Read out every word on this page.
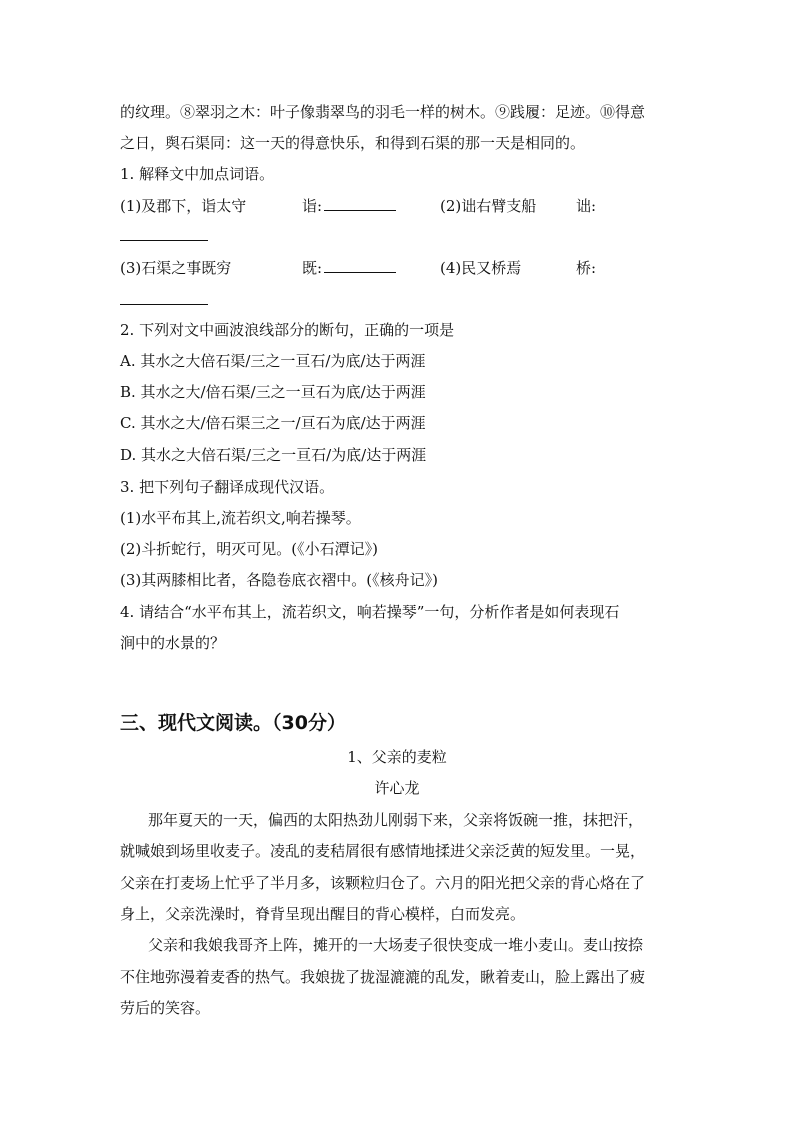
的纹理。⑧翠羽之木：叶子像翡翠鸟的羽毛一样的树木。⑨践履：足迹。⑩得意
之日，舆石渠同：这一天的得意快乐，和得到石渠的那一天是相同的。
1. 解释文中加点词语。
(1)及郡下，诣太守	诣:	(2)诎右臂支船	诎:
(3)石渠之事既穷	既:	(4)民又桥焉	桥:
2. 下列对文中画波浪线部分的断句，正确的一项是
A. 其水之大倍石渠/三之一亘石/为底/达于两涯
B. 其水之大/倍石渠/三之一亘石为底/达于两涯
C. 其水之大/倍石渠三之一/亘石为底/达于两涯
D. 其水之大倍石渠/三之一亘石/为底/达于两涯
3. 把下列句子翻译成现代汉语。
(1)水平布其上,流若织文,响若操琴。
(2)斗折蛇行，明灭可见。(《小石潭记》)
(3)其两膝相比者，各隐卷底衣褶中。(《核舟记》)
4. 请结合“水平布其上，流若织文，响若操琴”一句，分析作者是如何表现石
涧中的水景的？
三、现代文阅读。（30分）
1、父亲的麦粒
许心龙
那年夏天的一天，偏西的太阳热劲儿刚弱下来，父亲将饭碗一推，抹把汗，
就喊娘到场里收麦子。凌乱的麦秸屑很有感情地揉进父亲泛黄的短发里。一晃，
父亲在打麦场上忙乎了半月多，该颗粒归仓了。六月的阳光把父亲的背心烙在了
身上，父亲洗澡时，脊背呈现出醒目的背心模样，白而发亮。
父亲和我娘我哥齐上阵，摊开的一大场麦子很快变成一堆小麦山。麦山按捺
不住地弥漫着麦香的热气。我娘拢了拢湿漉漉的乱发，瞅着麦山，脸上露出了疲
劳后的笑容。
